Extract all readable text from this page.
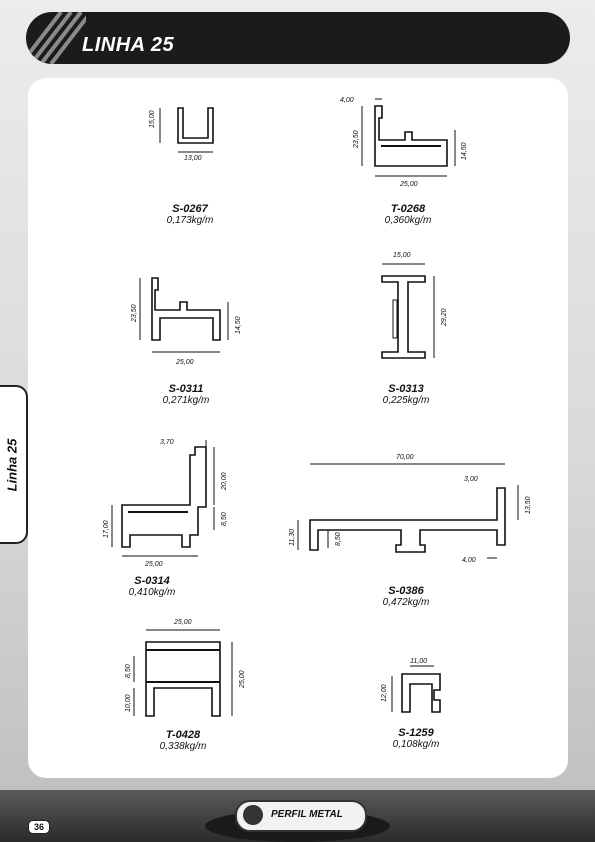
LINHA 25
Linha 25
15,00
13,00
4,00
23,50
14,50
25,00
23,50
14,50
25,00
15,00
29,20
3,70
20,00
8,50
17,00
25,00
70,00
3,00
13,50
11,30	8,50
4,00
25,00
8,50
10,00
25,00
11,00
12,00
S-0267
0,173kg/m
T-0268
0,360kg/m
S-0311
0,271kg/m
S-0313
0,225kg/m
S-0314
0,410kg/m	S-0386
0,472kg/m
T-0428
0,338kg/m
S-1259
0,108kg/m
PERFIL METAL
36
